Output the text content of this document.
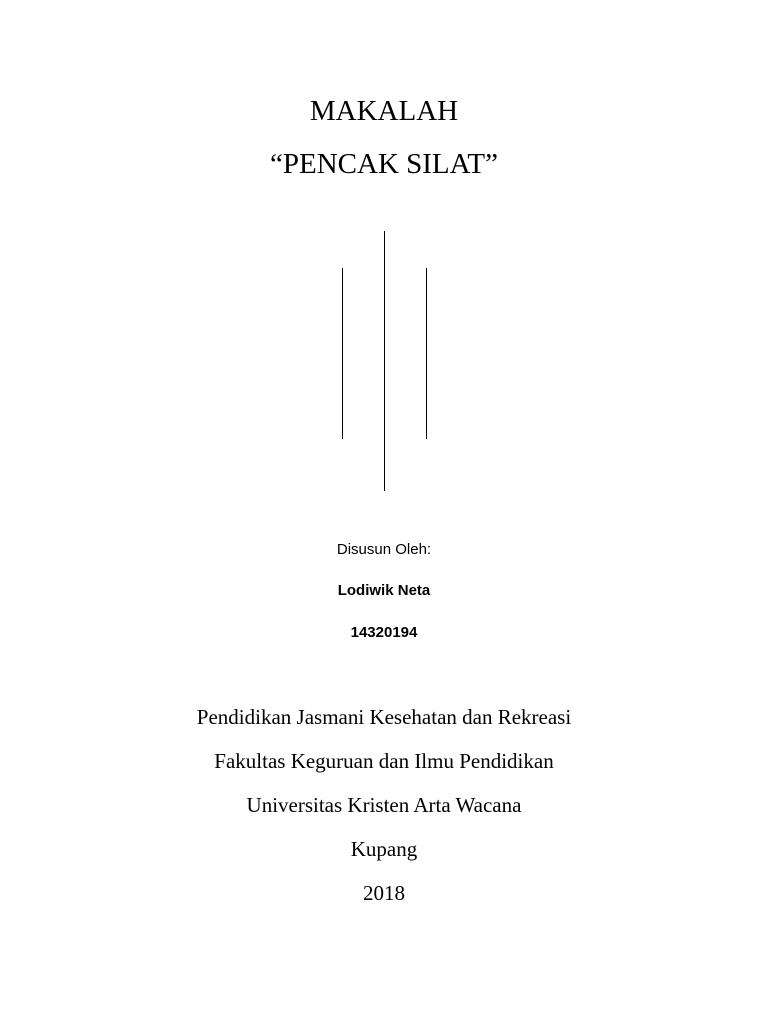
MAKALAH
“PENCAK SILAT”
Disusun Oleh:
Lodiwik Neta
14320194
Pendidikan Jasmani Kesehatan dan Rekreasi
Fakultas Keguruan dan Ilmu Pendidikan
Universitas Kristen Arta Wacana
Kupang
2018
